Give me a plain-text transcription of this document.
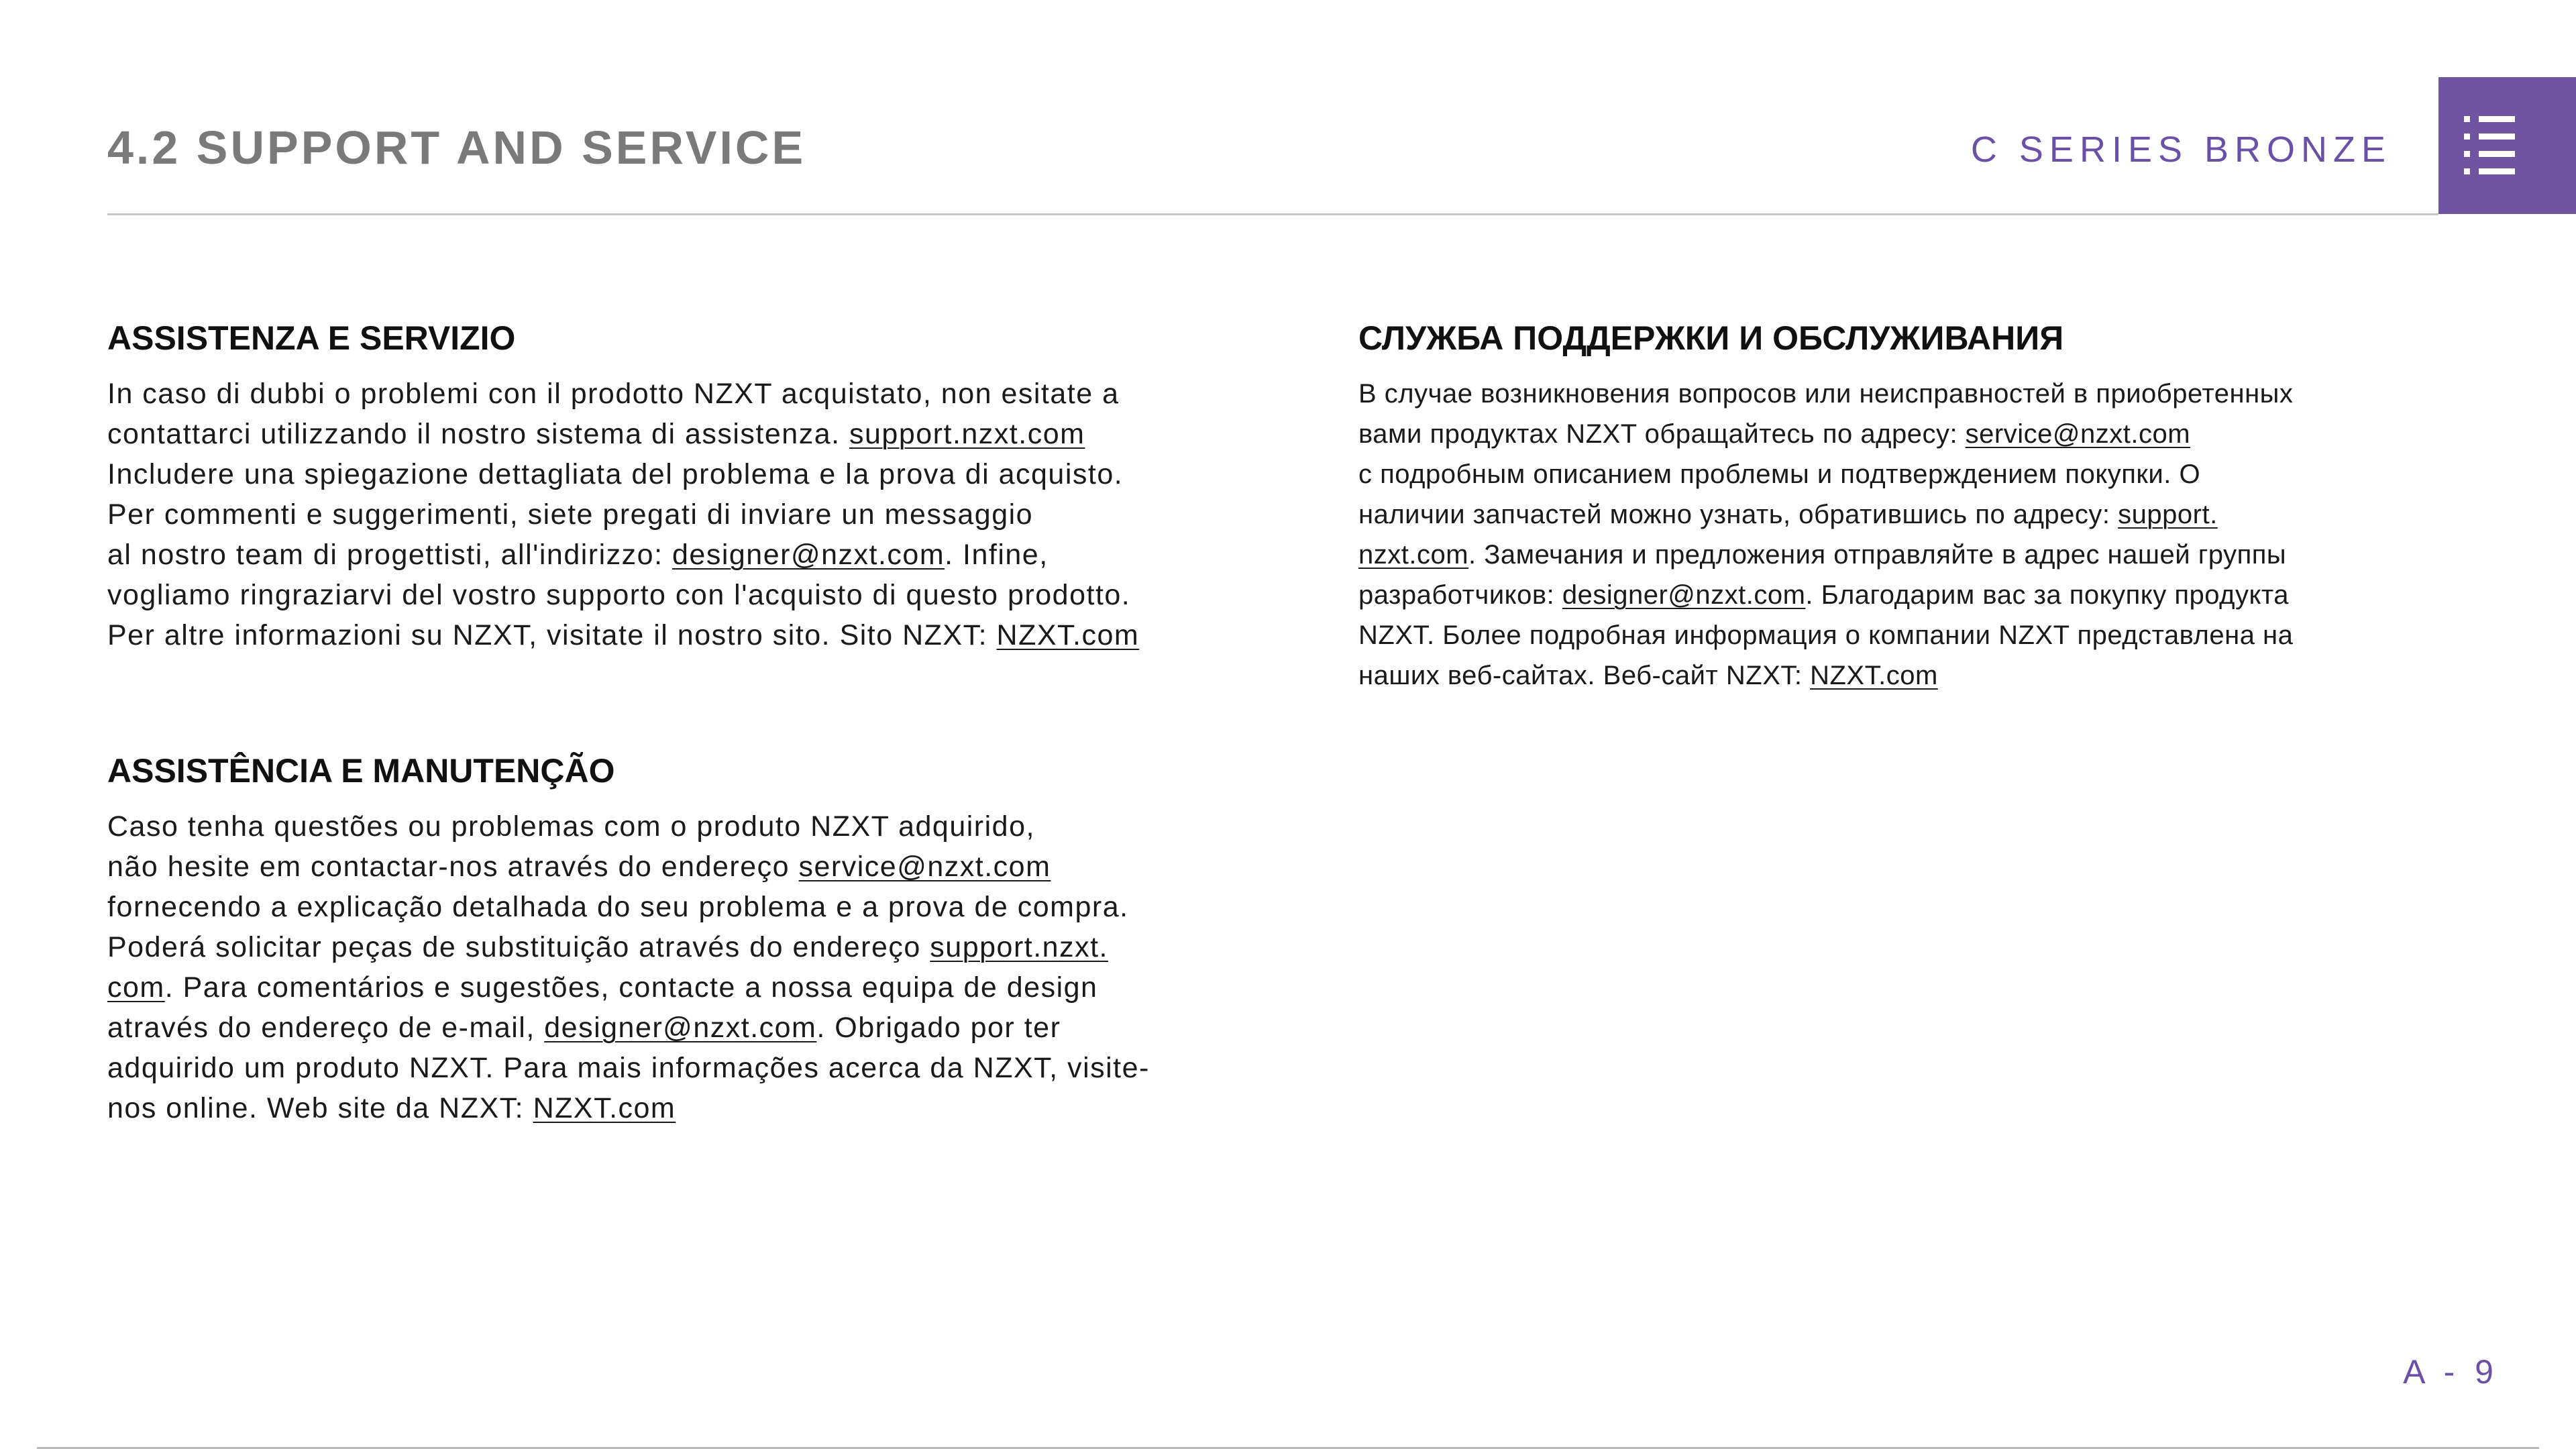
4.2 SUPPORT AND SERVICE	C SERIES BRONZE
ASSISTENZA E SERVIZIO

In caso di dubbi o problemi con il prodotto NZXT acquistato, non esitate a
contattarci utilizzando il nostro sistema di assistenza. support.nzxt.com
Includere una spiegazione dettagliata del problema e la prova di acquisto.
Per commenti e suggerimenti, siete pregati di inviare un messaggio
al nostro team di progettisti, all'indirizzo: designer@nzxt.com. Infine,
vogliamo ringraziarvi del vostro supporto con l'acquisto di questo prodotto.
Per altre informazioni su NZXT, visitate il nostro sito. Sito NZXT: NZXT.com

ASSISTÊNCIA E MANUTENÇÃO

Caso tenha questões ou problemas com o produto NZXT adquirido,
não hesite em contactar-nos através do endereço service@nzxt.com
fornecendo a explicação detalhada do seu problema e a prova de compra.
Poderá solicitar peças de substituição através do endereço support.nzxt.
com. Para comentários e sugestões, contacte a nossa equipa de design
através do endereço de e-mail, designer@nzxt.com. Obrigado por ter
adquirido um produto NZXT. Para mais informações acerca da NZXT, visite-
nos online. Web site da NZXT: NZXT.com

СЛУЖБА ПОДДЕРЖКИ И ОБСЛУЖИВАНИЯ

В случае возникновения вопросов или неисправностей в приобретенных
вами продуктах NZXT обращайтесь по адресу: service@nzxt.com
с подробным описанием проблемы и подтверждением покупки. О
наличии запчастей можно узнать, обратившись по адресу: support.
nzxt.com. Замечания и предложения отправляйте в адрес нашей группы
разработчиков: designer@nzxt.com. Благодарим вас за покупку продукта
NZXT. Более подробная информация о компании NZXT представлена на
наших веб-сайтах. Веб-сайт NZXT: NZXT.com

A - 9
